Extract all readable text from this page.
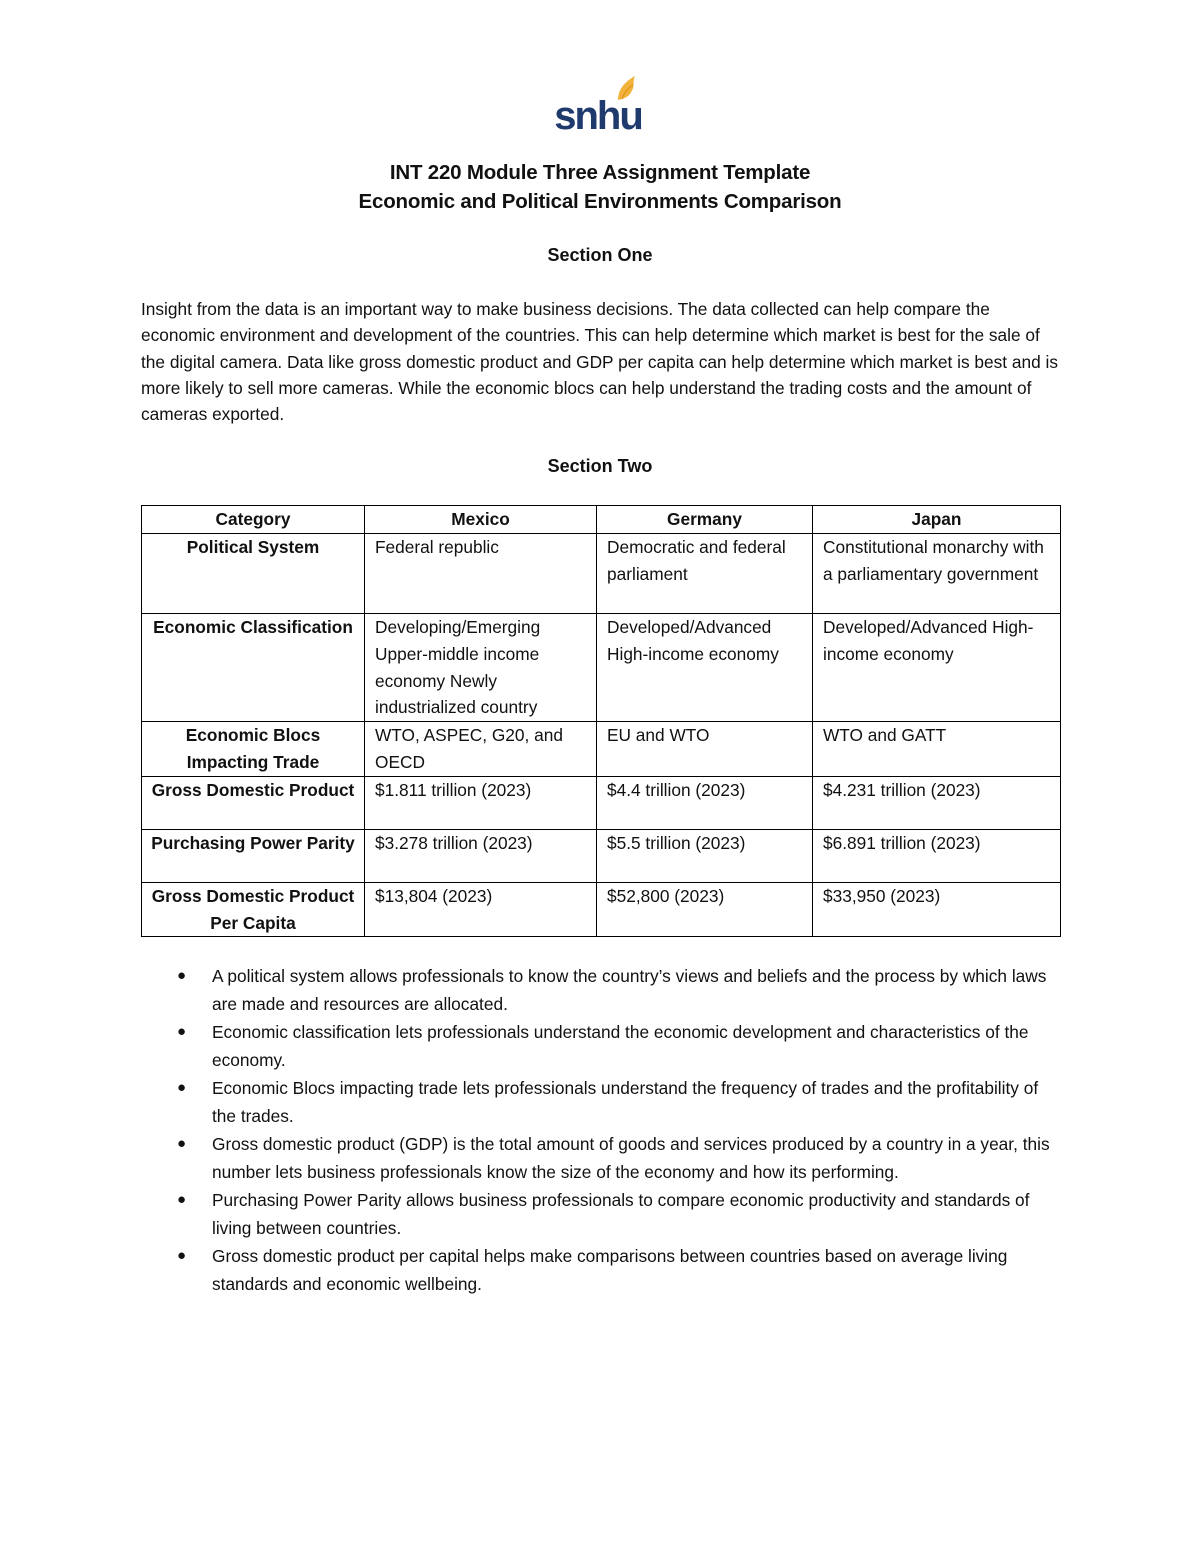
snhu
INT 220 Module Three Assignment Template
Economic and Political Environments Comparison
Section One

Insight from the data is an important way to make business decisions. The data collected can help compare the economic environment and development of the countries. This can help determine which market is best for the sale of the digital camera. Data like gross domestic product and GDP per capita can help determine which market is best and is more likely to sell more cameras. While the economic blocs can help understand the trading costs and the amount of cameras exported.

Section Two
Category	Mexico	Germany	Japan
Political System	Federal republic	Democratic and federal parliament	Constitutional monarchy with a parliamentary government
Economic Classification	Developing/Emerging Upper-middle income economy Newly industrialized country	Developed/Advanced High-income economy	Developed/Advanced High-income economy
Economic Blocs Impacting Trade	WTO, ASPEC, G20, and OECD	EU and WTO	WTO and GATT
Gross Domestic Product	$1.811 trillion (2023)	$4.4 trillion (2023)	$4.231 trillion (2023)
Purchasing Power Parity	$3.278 trillion (2023)	$5.5 trillion (2023)	$6.891 trillion (2023)
Gross Domestic Product Per Capita	$13,804 (2023)	$52,800 (2023)	$33,950 (2023)
● A political system allows professionals to know the country’s views and beliefs and the process by which laws are made and resources are allocated.
● Economic classification lets professionals understand the economic development and characteristics of the economy.
● Economic Blocs impacting trade lets professionals understand the frequency of trades and the profitability of the trades.
● Gross domestic product (GDP) is the total amount of goods and services produced by a country in a year, this number lets business professionals know the size of the economy and how its performing.
● Purchasing Power Parity allows business professionals to compare economic productivity and standards of living between countries.
● Gross domestic product per capital helps make comparisons between countries based on average living standards and economic wellbeing.
